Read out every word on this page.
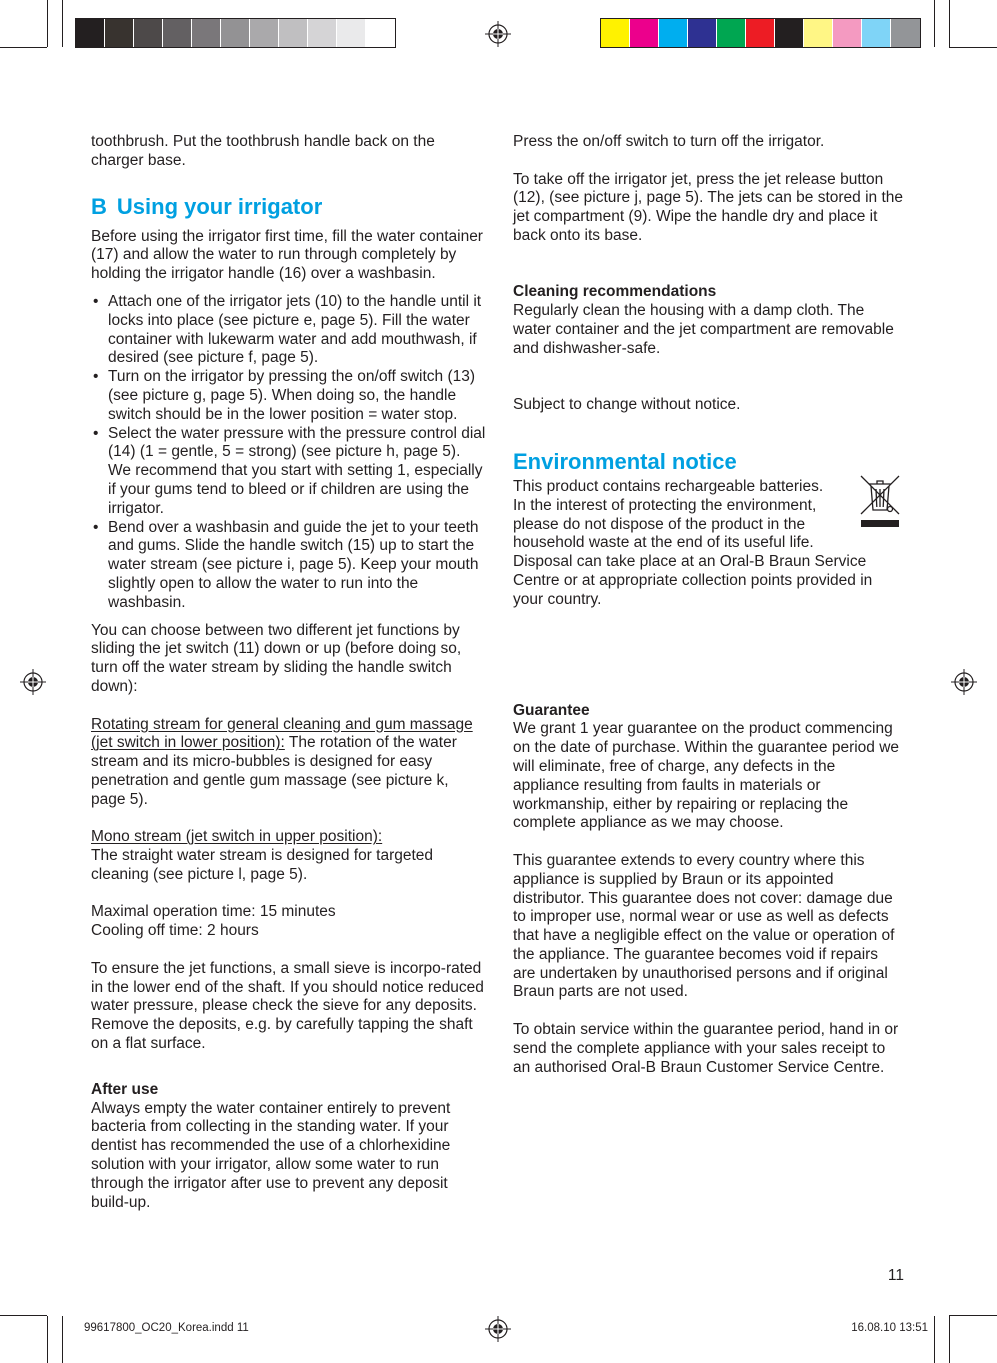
toothbrush. Put the toothbrush handle back on the charger base.

B Using your irrigator

Before using the irrigator first time, fill the water container (17) and allow the water to run through completely by holding the irrigator handle (16) over a washbasin.

• Attach one of the irrigator jets (10) to the handle until it locks into place (see picture e, page 5). Fill the water container with lukewarm water and add mouthwash, if desired (see picture f, page 5).
• Turn on the irrigator by pressing the on/off switch (13) (see picture g, page 5). When doing so, the handle switch should be in the lower position = water stop.
• Select the water pressure with the pressure control dial (14) (1 = gentle, 5 = strong) (see picture h, page 5). We recommend that you start with setting 1, especially if your gums tend to bleed or if children are using the irrigator.
• Bend over a washbasin and guide the jet to your teeth and gums. Slide the handle switch (15) up to start the water stream (see picture i, page 5). Keep your mouth slightly open to allow the water to run into the washbasin.

You can choose between two different jet functions by sliding the jet switch (11) down or up (before doing so, turn off the water stream by sliding the handle switch down):

Rotating stream for general cleaning and gum massage (jet switch in lower position): The rotation of the water stream and its micro-bubbles is designed for easy penetration and gentle gum massage (see picture k, page 5).

Mono stream (jet switch in upper position):

The straight water stream is designed for targeted cleaning (see picture l, page 5).

Maximal operation time: 15 minutes

Cooling off time: 2 hours

To ensure the jet functions, a small sieve is incorpo-rated in the lower end of the shaft. If you should notice reduced water pressure, please check the sieve for any deposits. Remove the deposits, e.g. by carefully tapping the shaft on a flat surface.

After use

Always empty the water container entirely to prevent bacteria from collecting in the standing water. If your dentist has recommended the use of a chlorhexidine solution with your irrigator, allow some water to run through the irrigator after use to prevent any deposit build-up.

Press the on/off switch to turn off the irrigator.

To take off the irrigator jet, press the jet release button (12), (see picture j, page 5). The jets can be stored in the jet compartment (9). Wipe the handle dry and place it back onto its base.

Cleaning recommendations

Regularly clean the housing with a damp cloth. The water container and the jet compartment are removable and dishwasher-safe.

Subject to change without notice.

Environmental notice

This product contains rechargeable batteries.

In the interest of protecting the environment,

please do not dispose of the product in the

household waste at the end of its useful life.

Disposal can take place at an Oral-B Braun Service Centre or at appropriate collection points provided in your country.

Guarantee

We grant 1 year guarantee on the product commencing on the date of purchase. Within the guarantee period we will eliminate, free of charge, any defects in the appliance resulting from faults in materials or workmanship, either by repairing or replacing the complete appliance as we may choose.

This guarantee extends to every country where this appliance is supplied by Braun or its appointed distributor. This guarantee does not cover: damage due to improper use, normal wear or use as well as defects that have a negligible effect on the value or operation of the appliance. The guarantee becomes void if repairs are undertaken by unauthorised persons and if original Braun parts are not used.

To obtain service within the guarantee period, hand in or send the complete appliance with your sales receipt to an authorised Oral-B Braun Customer Service Centre.

11
99617800_OC20_Korea.indd 11	16.08.10 13:51
